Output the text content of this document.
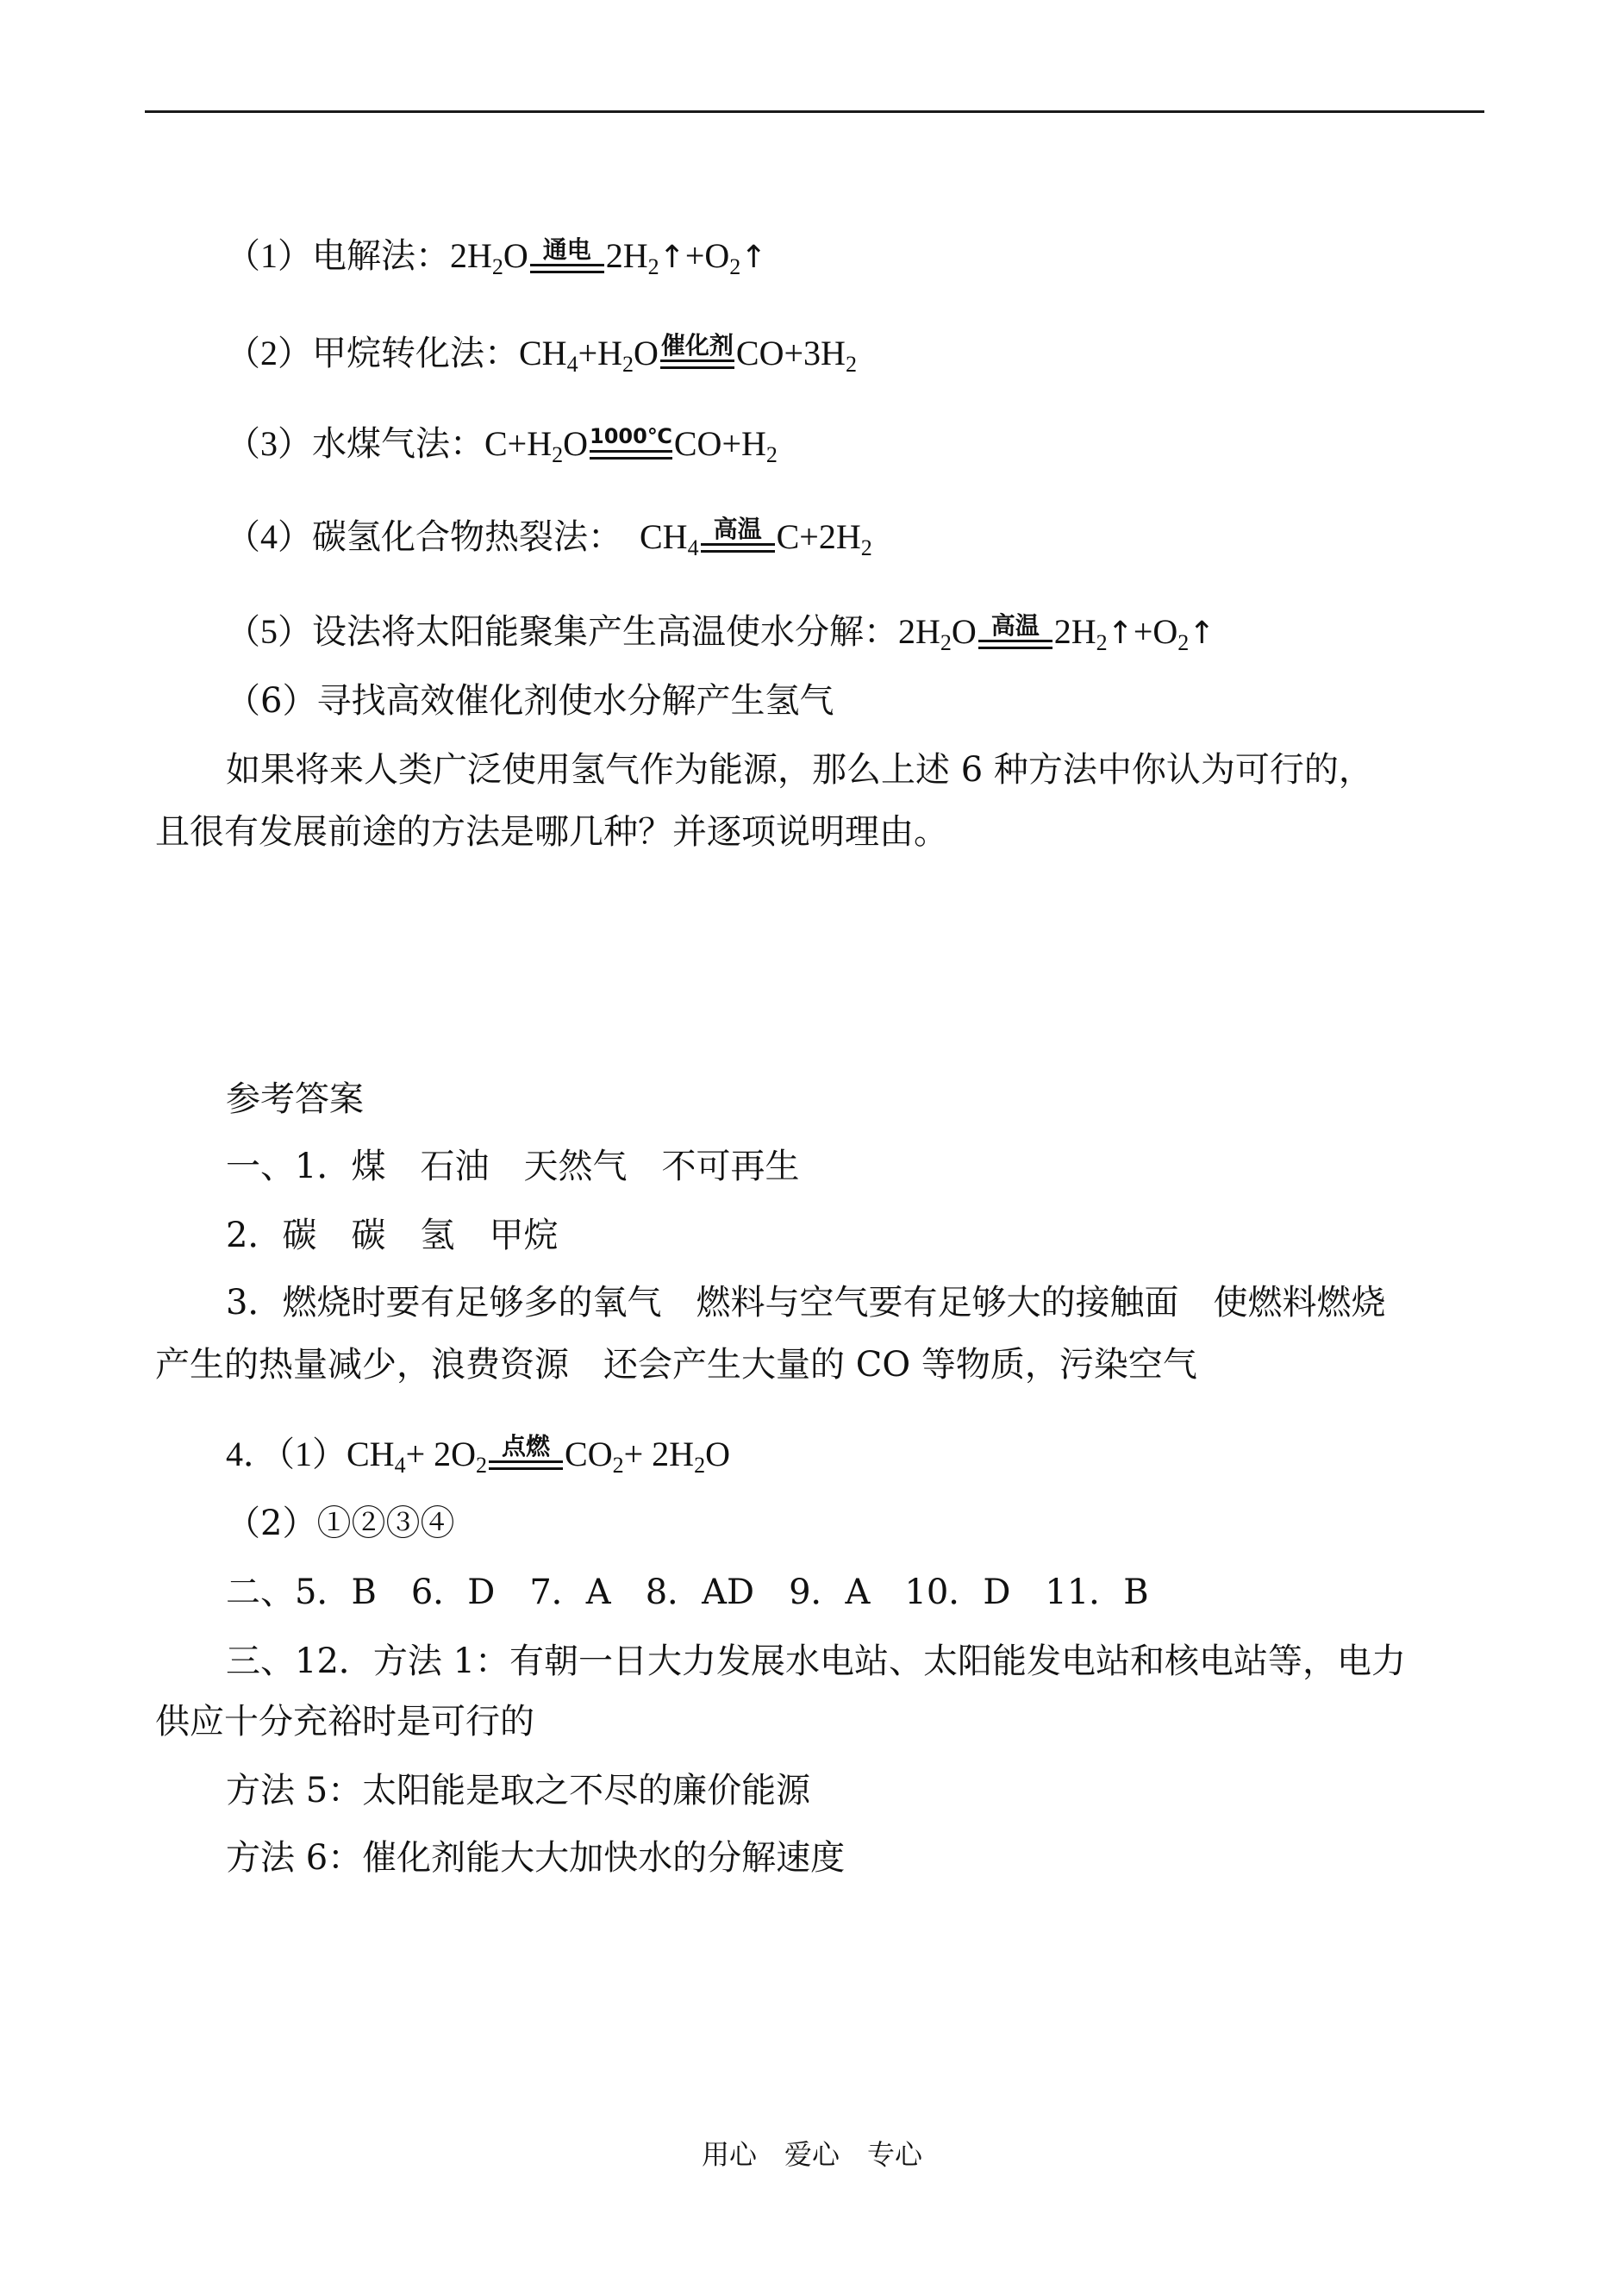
（1）电解法：$2H_2O$ 通电 $2H_2↑+O_2↑$
（2）甲烷转化法：$CH_4+H_2O$ 催化剂 $CO+3H_2$
（3）水煤气法：$C+H_2O$ 1000℃ $CO+H_2$
（4）碳氢化合物热裂法： $CH_4$
高温 $C+2H_2$
（5）设法将太阳能聚集产生高温使水分解：$2H_2O$ 高温 $2H_2↑+O_2↑$
（6）寻找高效催化剂使水分解产生氢气
如果将来人类广泛使用氢气作为能源，那么上述 6 种方法中你认为可行的，
且很有发展前途的方法是哪几种？并逐项说明理由。
参考答案
一、1．煤　石油　天然气　不可再生
2．碳　碳　氢　甲烷
3．燃烧时要有足够多的氧气　燃料与空气要有足够大的接触面　使燃料燃烧
产生的热量减少，浪费资源　还会产生大量的 CO 等物质，污染空气
4．$(1)CH_4+ 2O_2$
点燃 $CO_2+ 2H_2O$
（2）①②③④
二、5．B　6．D　7．A　8．AD　9．A　10．D　11．B
三、12．方法 1：有朝一日大力发展水电站、太阳能发电站和核电站等，电力
供应十分充裕时是可行的
方法 5：太阳能是取之不尽的廉价能源
方法 6：催化剂能大大加快水的分解速度
用心　爱心　专心
